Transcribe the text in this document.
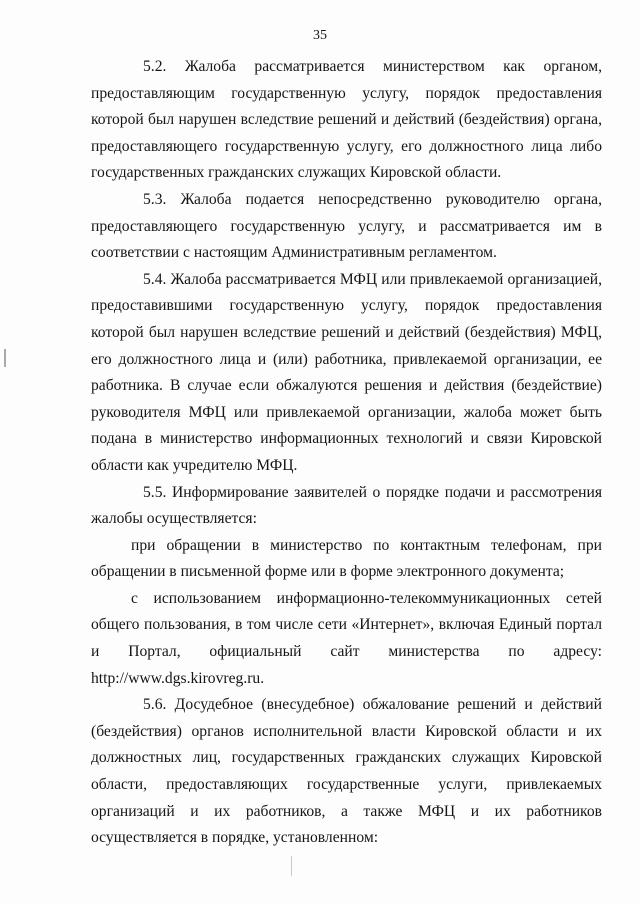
35

5.2. Жалоба рассматривается министерством как органом, предоставляющим государственную услугу, порядок предоставления которой был нарушен вследствие решений и действий (бездействия) органа, предоставляющего государственную услугу, его должностного лица либо государственных гражданских служащих Кировской области.

5.3. Жалоба подается непосредственно руководителю органа, предоставляющего государственную услугу, и рассматривается им в соответствии с настоящим Административным регламентом.

5.4. Жалоба рассматривается МФЦ или привлекаемой организацией, предоставившими государственную услугу, порядок предоставления которой был нарушен вследствие решений и действий (бездействия) МФЦ, его должностного лица и (или) работника, привлекаемой организации, ее работника. В случае если обжалуются решения и действия (бездействие) руководителя МФЦ или привлекаемой организации, жалоба может быть подана в министерство информационных технологий и связи Кировской области как учредителю МФЦ.

5.5. Информирование заявителей о порядке подачи и рассмотрения жалобы осуществляется:

при обращении в министерство по контактным телефонам, при обращении в письменной форме или в форме электронного документа;

с использованием информационно-телекоммуникационных сетей общего пользования, в том числе сети «Интернет», включая Единый портал и Портал, официальный сайт министерства по адресу: http://www.dgs.kirovreg.ru.

5.6. Досудебное (внесудебное) обжалование решений и действий (бездействия) органов исполнительной власти Кировской области и их должностных лиц, государственных гражданских служащих Кировской области, предоставляющих государственные услуги, привлекаемых организаций и их работников, а также МФЦ и их работников осуществляется в порядке, установленном:
